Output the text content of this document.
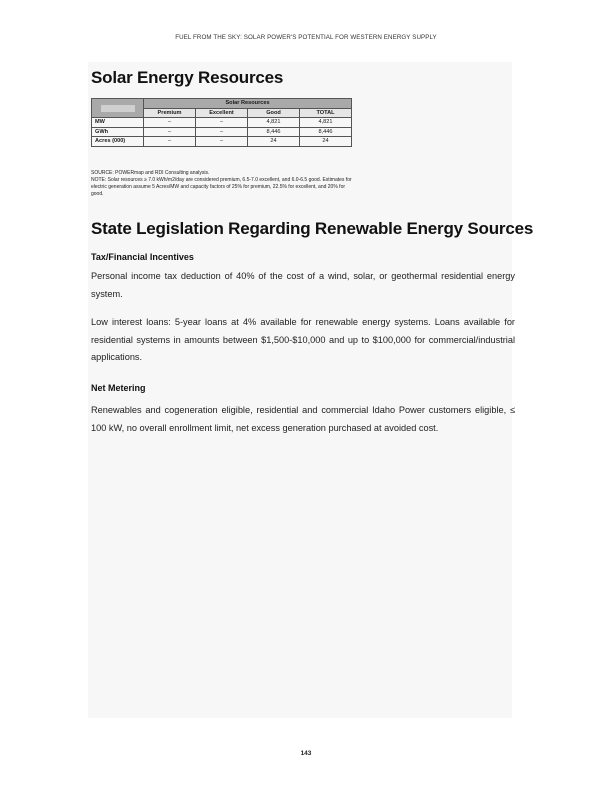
FUEL FROM THE SKY: SOLAR POWER'S POTENTIAL FOR WESTERN ENERGY SUPPLY
Solar Energy Resources
	Solar Resources			
	Premium	Excellent	Good	TOTAL
MW	–	–	4,821	4,821
GWh	–	–	8,446	8,446
Acres (000)	–	–	24	24

SOURCE: POWERmap and RDI Consulting analysis.

NOTE: Solar resources ≥ 7.0 kWh/m2/day are considered premium, 6.5-7.0 excellent, and 6.0-6.5 good. Estimates for electric generation assume 5 Acres/MW and capacity factors of 25% for premium, 22.5% for excellent, and 20% for good.

State Legislation Regarding Renewable Energy Sources
Tax/Financial Incentives

Personal income tax deduction of 40% of the cost of a wind, solar, or geothermal residential energy system.

Low interest loans: 5-year loans at 4% available for renewable energy systems. Loans available for residential systems in amounts between $1,500-$10,000 and up to $100,000 for commercial/industrial applications.

Net Metering

Renewables and cogeneration eligible, residential and commercial Idaho Power customers eligible, ≤ 100 kW, no overall enrollment limit, net excess generation purchased at avoided cost.

143
